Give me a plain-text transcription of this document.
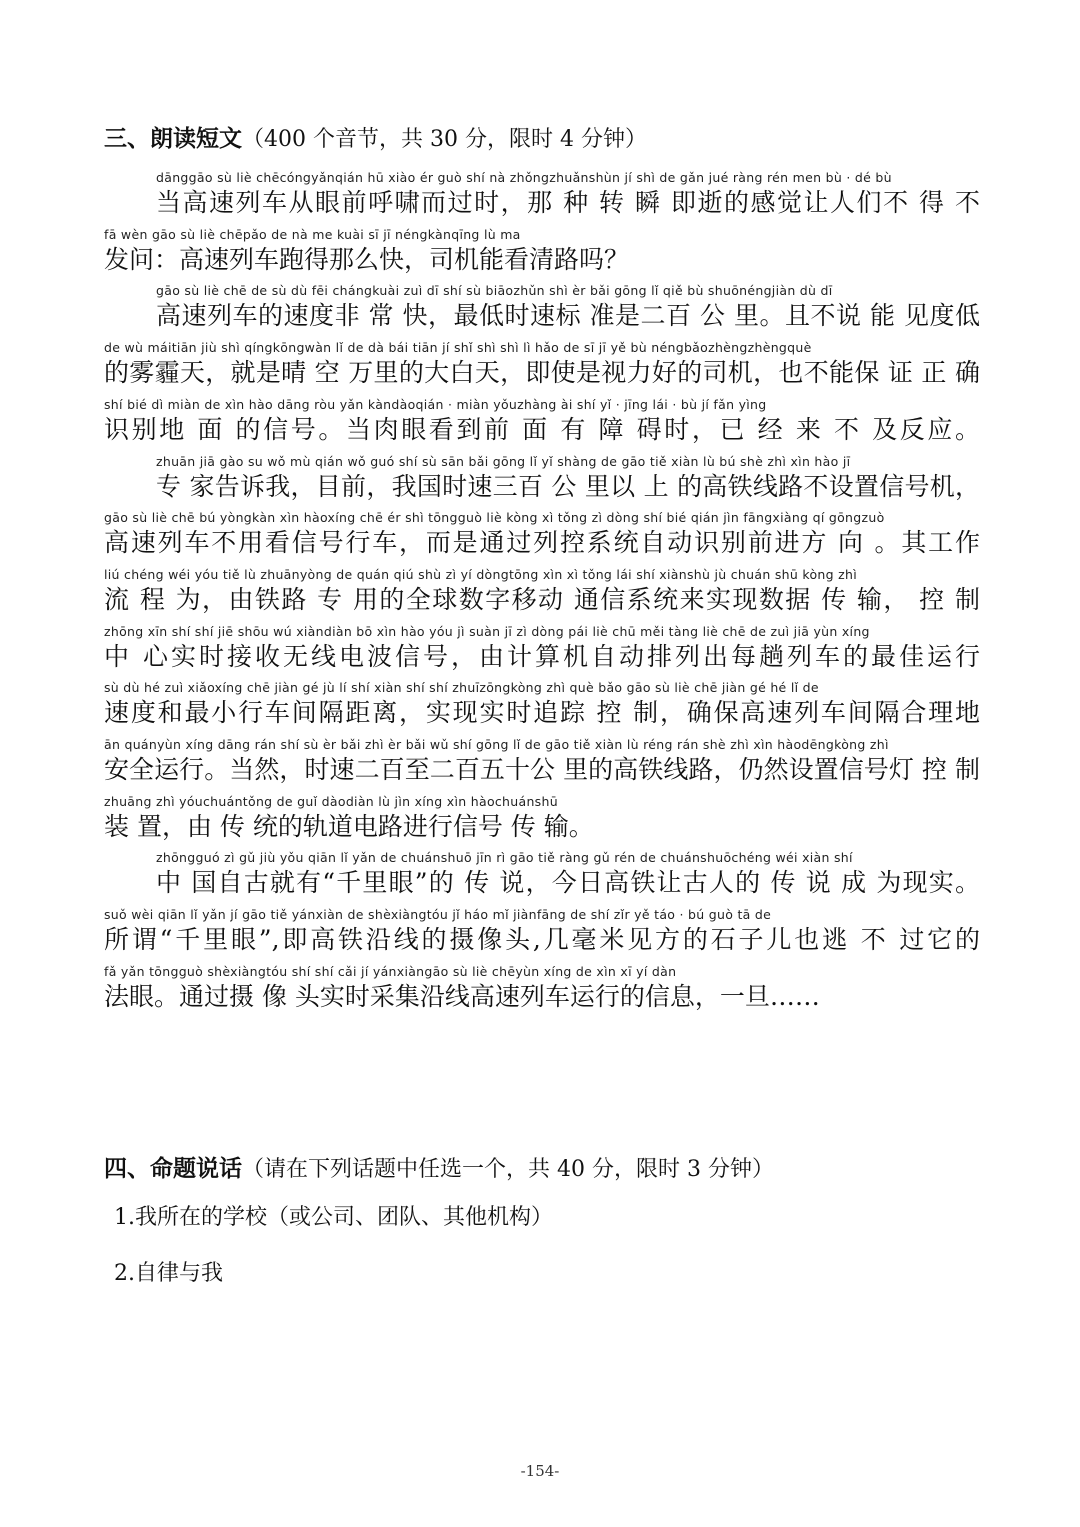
三、朗读短文（400 个音节，共 30 分，限时 4 分钟）
dānggāo sù liè chēcóngyǎnqián hū xiào ér guò shí nà zhǒngzhuǎnshùn jí shì de gǎn jué ràng rén men bù · dé bù
当高速列车从眼前呼啸而过时，那 种 转 瞬 即逝的感觉让人们不 得 不
fā wèn gāo sù liè chēpǎo de nà me kuài sī jī néngkànqīng lù ma
发问：高速列车跑得那么快，司机能看清路吗？
gāo sù liè chē de sù dù fēi chángkuài zuì dī shí sù biāozhǔn shì èr bǎi gōng lǐ qiě bù shuōnéngjiàn dù dī
高速列车的速度非 常 快，最低时速标 准是二百 公 里。且不说 能 见度低
de wù máitiān jiù shì qíngkōngwàn lǐ de dà bái tiān jí shǐ shì shì lì hǎo de sī jī yě bù néngbǎozhèngzhèngquè
的雾霾天，就是晴 空 万里的大白天，即使是视力好的司机，也不能保 证 正 确
shí bié dì miàn de xìn hào dāng ròu yǎn kàndàoqián · miàn yǒuzhàng ài shí yǐ · jīng lái · bù jí fǎn yìng
识别地 面 的信号。当肉眼看到前 面 有 障 碍时，已 经 来 不 及反应。
zhuān jiā gào su wǒ mù qián wǒ guó shí sù sān bǎi gōng lǐ yǐ shàng de gāo tiě xiàn lù bú shè zhì xìn hào jī
专 家告诉我，目前，我国时速三百 公 里以 上 的高铁线路不设置信号机，
gāo sù liè chē bú yòngkàn xìn hàoxíng chē ér shì tōngguò liè kòng xì tǒng zì dòng shí bié qián jìn fāngxiàng qí gōngzuò
高速列车不用看信号行车，而是通过列控系统自动识别前进方 向 。其工作
liú chéng wéi yóu tiě lù zhuānyòng de quán qiú shù zì yí dòngtōng xìn xì tǒng lái shí xiànshù jù chuán shū kòng zhì
流 程 为，由铁路 专 用的全球数字移动 通信系统来实现数据 传 输， 控 制
zhōng xīn shí shí jiē shōu wú xiàndiàn bō xìn hào yóu jì suàn jī zì dòng pái liè chū měi tàng liè chē de zuì jiā yùn xíng
中 心实时接收无线电波信号，由计算机自动排列出每趟列车的最佳运行
sù dù hé zuì xiǎoxíng chē jiàn gé jù lí shí xiàn shí shí zhuīzōngkòng zhì què bǎo gāo sù liè chē jiàn gé hé lǐ de
速度和最小行车间隔距离，实现实时追踪 控 制，确保高速列车间隔合理地
ān quányùn xíng dāng rán shí sù èr bǎi zhì èr bǎi wǔ shí gōng lǐ de gāo tiě xiàn lù réng rán shè zhì xìn hàodēngkòng zhì
安全运行。当然，时速二百至二百五十公 里的高铁线路，仍然设置信号灯 控 制
zhuāng zhì yóuchuántǒng de guǐ dàodiàn lù jìn xíng xìn hàochuánshū
装 置，由 传 统的轨道电路进行信号 传 输。
zhōngguó zì gǔ jiù yǒu qiān lǐ yǎn de chuánshuō jīn rì gāo tiě ràng gǔ rén de chuánshuōchéng wéi xiàn shí
中 国自古就有“千里眼”的 传 说，今日高铁让古人的 传 说 成 为现实。
suǒ wèi qiān lǐ yǎn jí gāo tiě yánxiàn de shèxiàngtóu jǐ háo mǐ jiànfāng de shí zǐr yě táo · bú guò tā de
所谓“千里眼”,即高铁沿线的摄像头,几毫米见方的石子儿也逃 不 过它的
fǎ yǎn tōngguò shèxiàngtóu shí shí cǎi jí yánxiàngāo sù liè chēyùn xíng de xìn xī yí dàn
法眼。通过摄 像 头实时采集沿线高速列车运行的信息，一旦……
四、命题说话（请在下列话题中任选一个，共 40 分，限时 3 分钟）
1.我所在的学校（或公司、团队、其他机构）
2.自律与我
-154-
